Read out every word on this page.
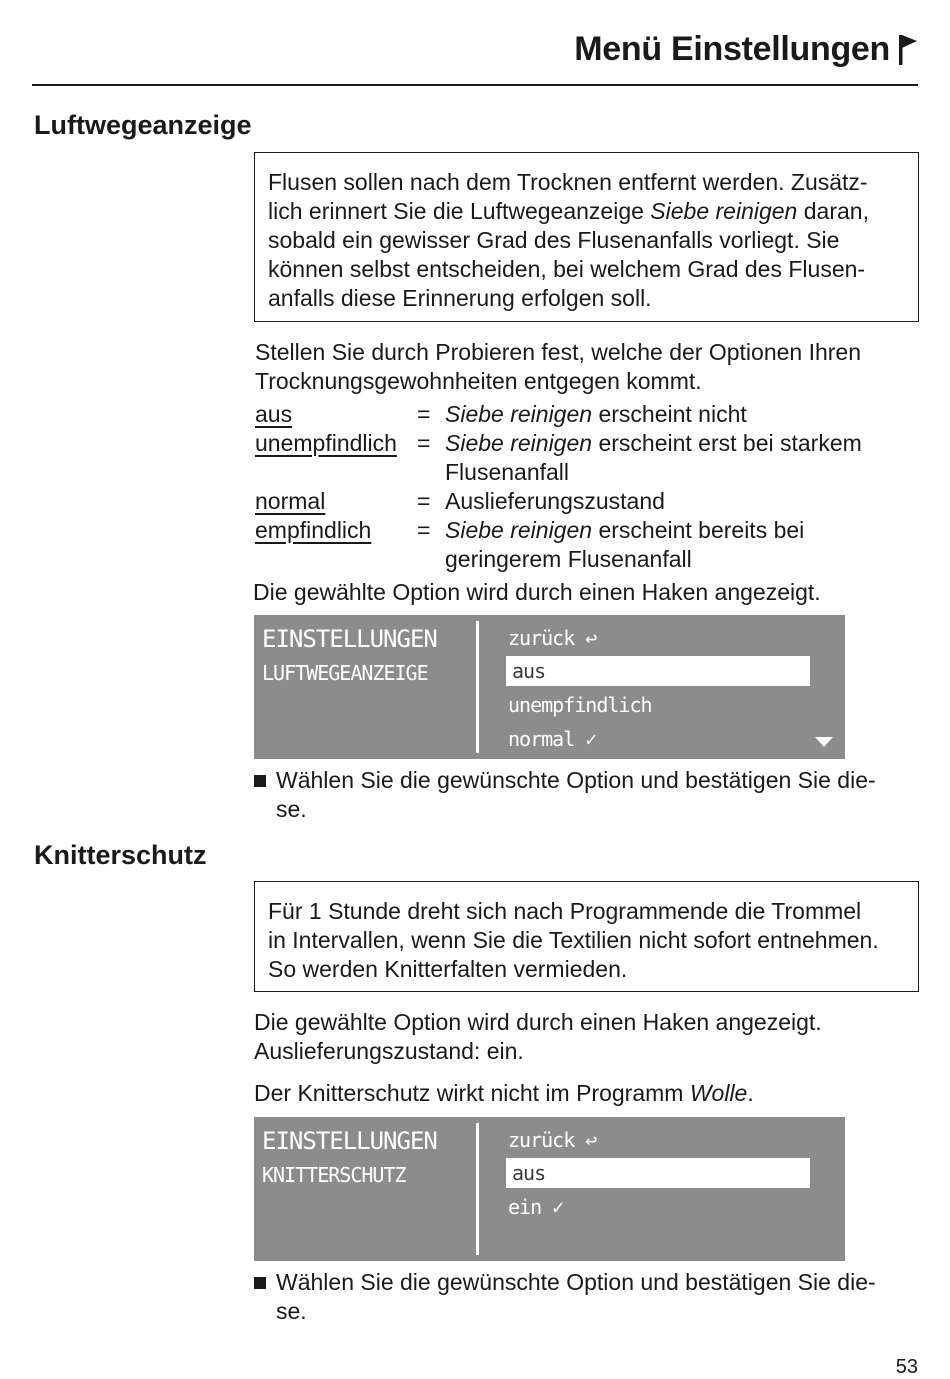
Menü Einstellungen
Luftwegeanzeige

Flusen sollen nach dem Trocknen entfernt werden. Zusätz-

lich erinnert Sie die Luftwegeanzeige Siebe reinigen daran,

sobald ein gewisser Grad des Flusenanfalls vorliegt. Sie

können selbst entscheiden, bei welchem Grad des Flusen-

anfalls diese Erinnerung erfolgen soll.

Stellen Sie durch Probieren fest, welche der Optionen Ihren

Trocknungsgewohnheiten entgegen kommt.

aus	= Siebe reinigen erscheint nicht
unempfindlich = Siebe reinigen erscheint erst bei starkem
Flusenanfall
normal	= Auslieferungszustand
empfindlich	= Siebe reinigen erscheint bereits bei
geringerem Flusenanfall
Die gewählte Option wird durch einen Haken angezeigt.
EINSTELLUNGEN
LUFTWEGEANZEIGE
zurück ↩
aus
unempfindlich
normal ✓
Wählen Sie die gewünschte Option und bestätigen Sie die-
se.
Knitterschutz

Für 1 Stunde dreht sich nach Programmende die Trommel

in Intervallen, wenn Sie die Textilien nicht sofort entnehmen.

So werden Knitterfalten vermieden.

Die gewählte Option wird durch einen Haken angezeigt.

Auslieferungszustand: ein.

Der Knitterschutz wirkt nicht im Programm Wolle.
EINSTELLUNGEN
KNITTERSCHUTZ
zurück ↩
aus
ein ✓
Wählen Sie die gewünschte Option und bestätigen Sie die-
se.
53
